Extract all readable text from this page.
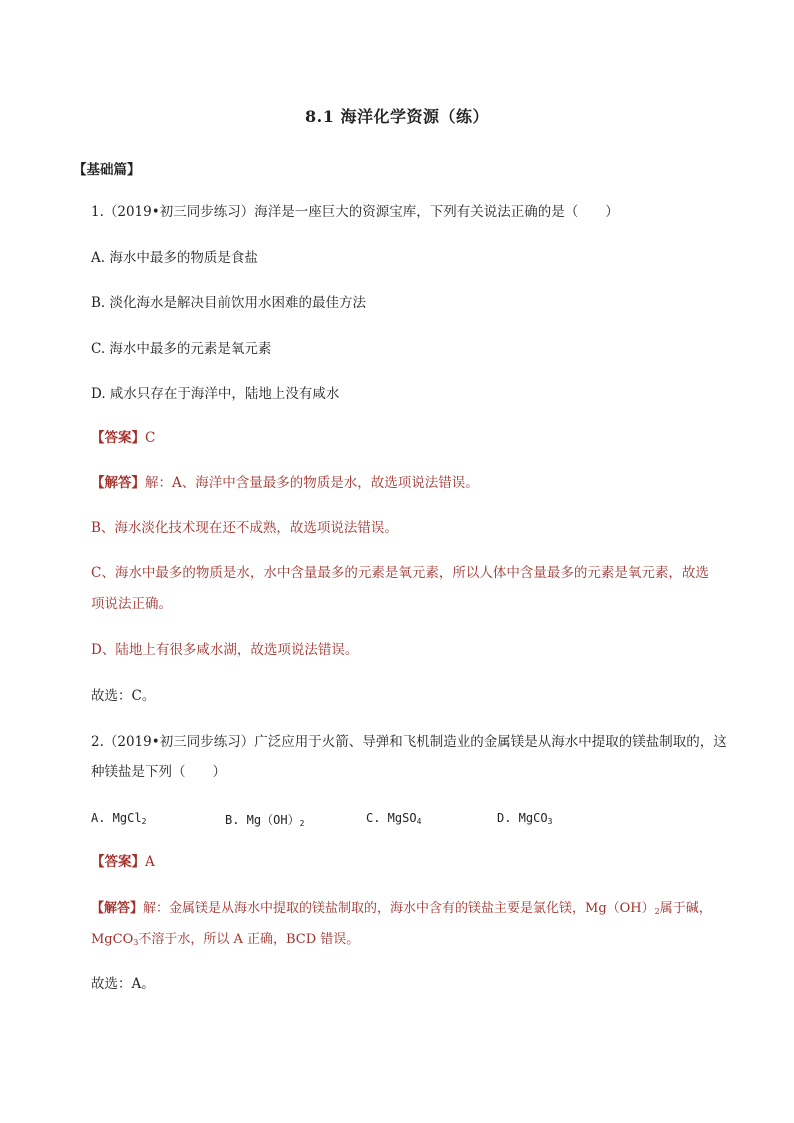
8.1 海洋化学资源（练）
【基础篇】
1.（2019•初三同步练习）海洋是一座巨大的资源宝库，下列有关说法正确的是（　　）
A. 海水中最多的物质是食盐
B. 淡化海水是解决目前饮用水困难的最佳方法
C. 海水中最多的元素是氧元素
D. 咸水只存在于海洋中，陆地上没有咸水
【答案】C
【解答】解：A、海洋中含量最多的物质是水，故选项说法错误。
B、海水淡化技术现在还不成熟，故选项说法错误。
C、海水中最多的物质是水，水中含量最多的元素是氧元素，所以人体中含量最多的元素是氧元素，故选
项说法正确。
D、陆地上有很多咸水湖，故选项说法错误。
故选：C。
2.（2019•初三同步练习）广泛应用于火箭、导弹和飞机制造业的金属镁是从海水中提取的镁盐制取的，这
种镁盐是下列（　　）
A. MgCl$_2$	B. $Mg(OH)_2$	C. MgSO$_4$	D. MgCO$_3$
【答案】A
【解答】解：金属镁是从海水中提取的镁盐制取的，海水中含有的镁盐主要是氯化镁，$Mg(OH)_2$属于碱，
MgCO$_3$不溶于水，所以 A 正确，BCD 错误。
故选：A。
